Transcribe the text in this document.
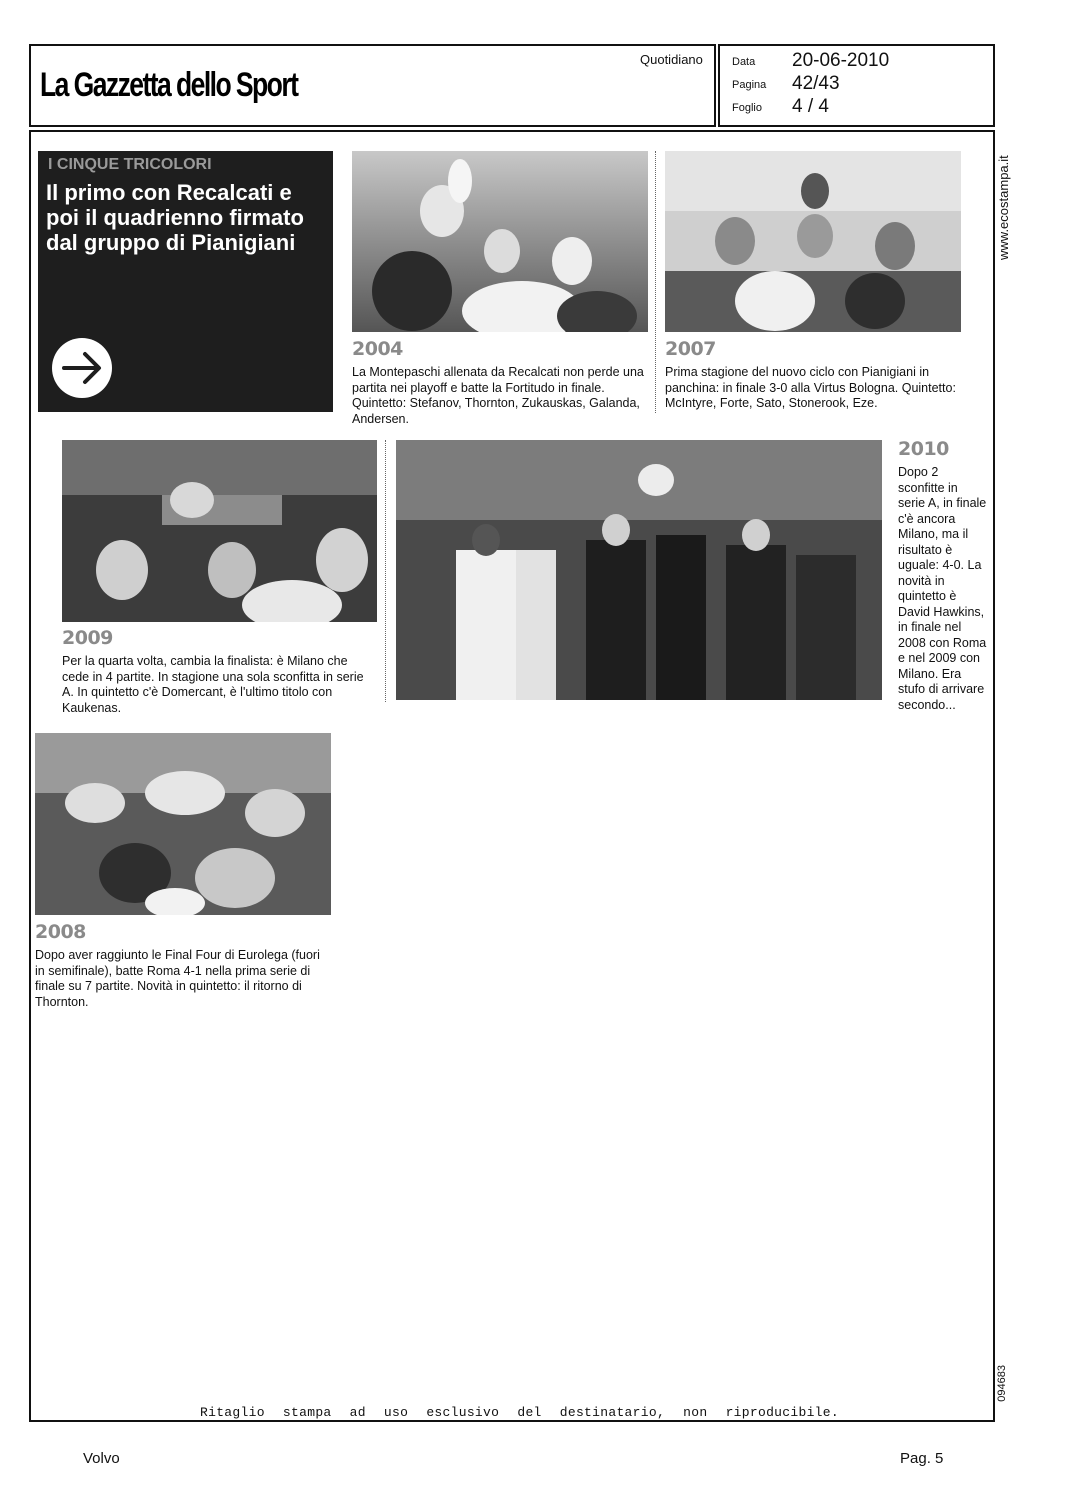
La Gazzetta dello Sport
Quotidiano	Data 20-06-2010
Pagina 42/43
Foglio 4 / 4
www.ecostampa.it
094683
I CINQUE TRICOLORI
Il primo con Recalcati e poi il quadrienno firmato dal gruppo di Pianigiani
2004
La Montepaschi allenata da Recalcati non perde una partita nei playoff e batte la Fortitudo in finale. Quintetto: Stefanov, Thornton, Zukauskas, Galanda, Andersen.
2007
Prima stagione del nuovo ciclo con Pianigiani in panchina: in finale 3-0 alla Virtus Bologna. Quintetto: McIntyre, Forte, Sato, Stonerook, Eze.
2009
Per la quarta volta, cambia la finalista: è Milano che cede in 4 partite. In stagione una sola sconfitta in serie A. In quintetto c'è Domercant, è l'ultimo titolo con Kaukenas.
2010
Dopo 2 sconfitte in serie A, in finale c'è ancora Milano, ma il risultato è uguale: 4-0. La novità in quintetto è David Hawkins, in finale nel 2008 con Roma e nel 2009 con Milano. Era stufo di arrivare secondo...
2008
Dopo aver raggiunto le Final Four di Eurolega (fuori in semifinale), batte Roma 4-1 nella prima serie di finale su 7 partite. Novità in quintetto: il ritorno di Thornton.
Ritaglio stampa ad uso esclusivo del destinatario, non riproducibile.
Volvo	Pag. 5
